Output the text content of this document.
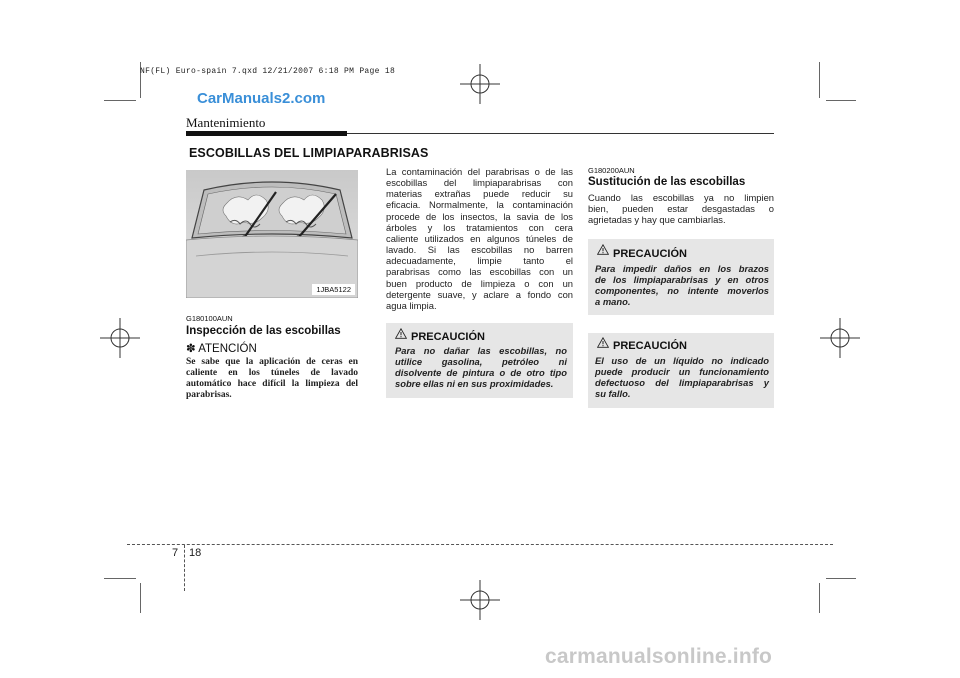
NF(FL) Euro-spain 7.qxd 12/21/2007 6:18 PM Page 18
CarManuals2.com
Mantenimiento
ESCOBILLAS DEL LIMPIAPARABRISAS
1JBA5122
G180100AUN
Inspección de las escobillas
✽ ATENCIÓN
Se sabe que la aplicación de ceras en
caliente en los túneles de lavado
automático hace difícil la limpieza del
parabrisas.
La contaminación del parabrisas o de las
escobillas del limpiaparabrisas con
materias extrañas puede reducir su
eficacia. Normalmente, la contaminación
procede de los insectos, la savia de los
árboles y los tratamientos con cera
caliente utilizados en algunos túneles de
lavado. Si las escobillas no barren
adecuadamente, limpie tanto el
parabrisas como las escobillas con un
buen producto de limpieza o con un
detergente suave, y aclare a fondo con
agua limpia.
PRECAUCIÓN
Para no dañar las escobillas, no
utilice gasolina, petróleo ni
disolvente de pintura o de otro tipo
sobre ellas ni en sus proximidades.
G180200AUN
Sustitución de las escobillas
Cuando las escobillas ya no limpien
bien, pueden estar desgastadas o
agrietadas y hay que cambiarlas.
PRECAUCIÓN
Para impedir daños en los brazos
de los limpiaparabrisas y en otros
componentes, no intente moverlos
a mano.
PRECAUCIÓN
El uso de un líquido no indicado
puede producir un funcionamiento
defectuoso del limpiaparabrisas y
su fallo.
7 18
carmanualsonline.info
